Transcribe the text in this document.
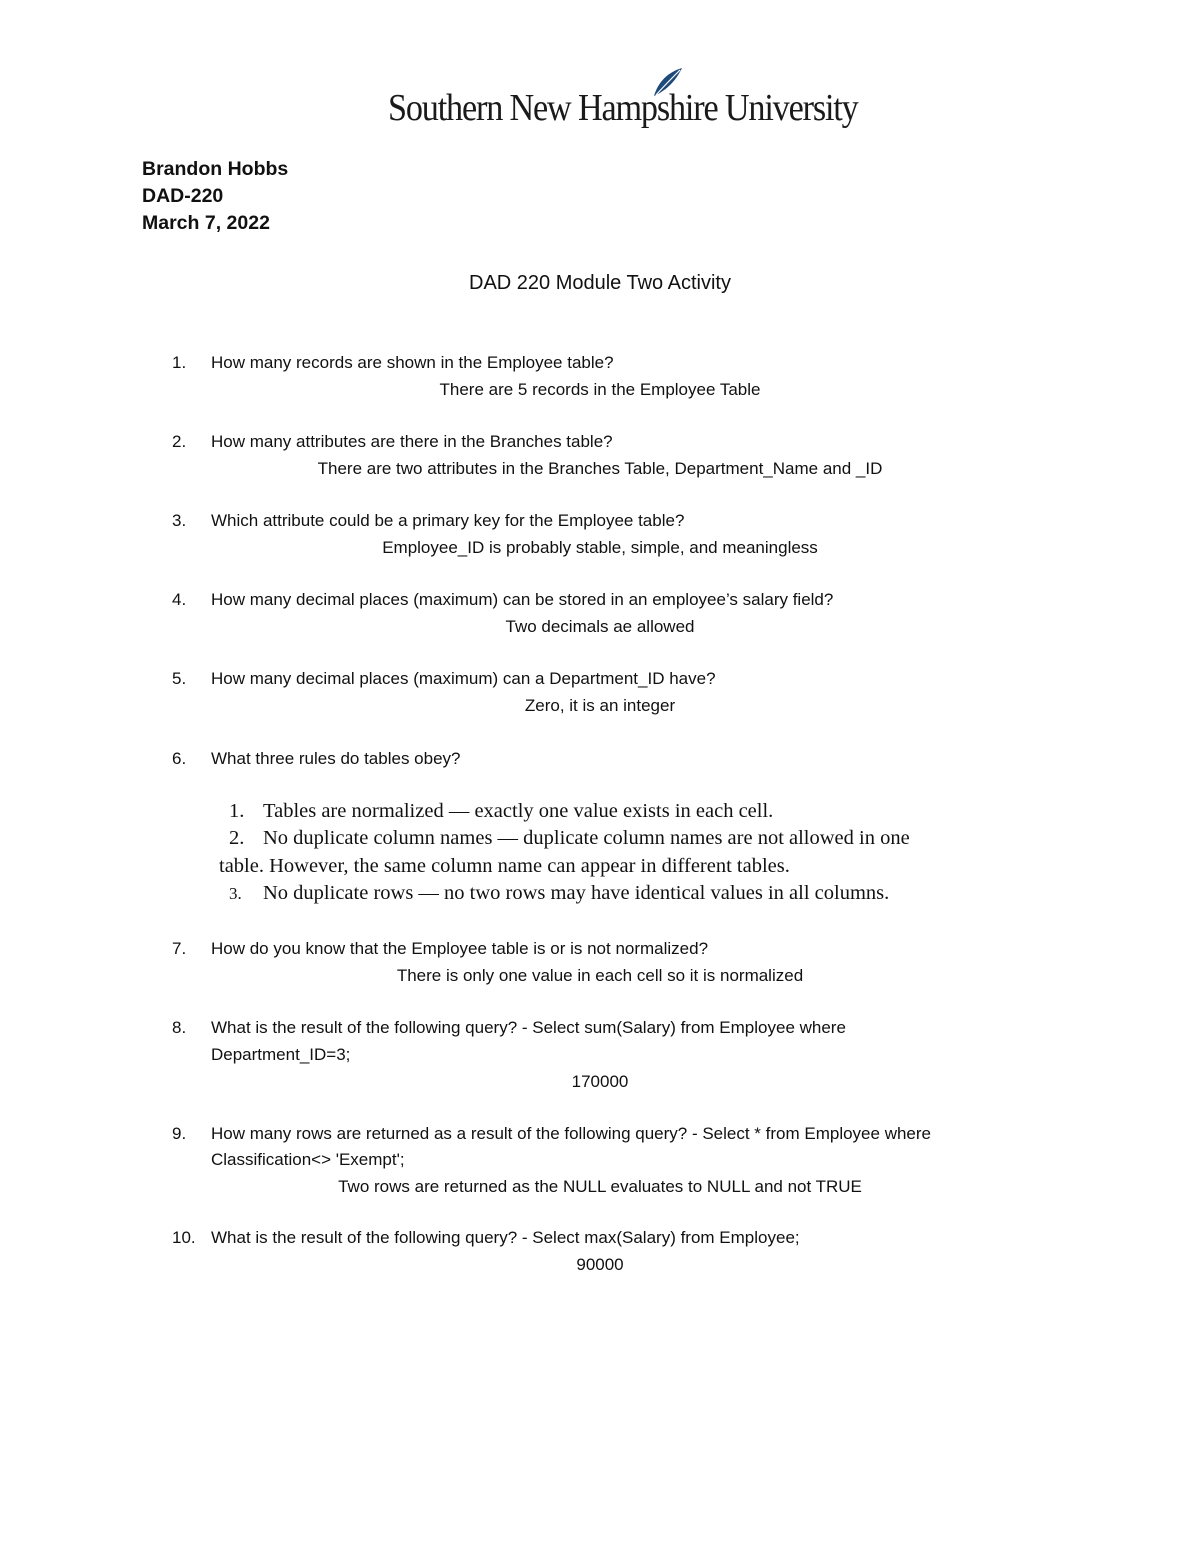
Southern New Hampshire University
Brandon Hobbs
DAD-220
March 7, 2022
DAD 220 Module Two Activity
1.	How many records are shown in the Employee table?
There are 5 records in the Employee Table
2.	How many attributes are there in the Branches table?
There are two attributes in the Branches Table, Department_Name and _ID
3.	Which attribute could be a primary key for the Employee table?
Employee_ID is probably stable, simple, and meaningless
4.	How many decimal places (maximum) can be stored in an employee’s salary field?
Two decimals ae allowed
5.	How many decimal places (maximum) can a Department_ID have?
Zero, it is an integer
6.	What three rules do tables obey?
1. Tables are normalized — exactly one value exists in each cell.
2. No duplicate column names — duplicate column names are not allowed in one
table. However, the same column name can appear in different tables.
3. No duplicate rows — no two rows may have identical values in all columns.
7.	How do you know that the Employee table is or is not normalized?
There is only one value in each cell so it is normalized
8.	What is the result of the following query? - Select sum(Salary) from Employee where
Department_ID=3;
170000
9.	How many rows are returned as a result of the following query? - Select * from Employee where
Classification<> 'Exempt';
Two rows are returned as the NULL evaluates to NULL and not TRUE
10. What is the result of the following query? - Select max(Salary) from Employee;
90000
